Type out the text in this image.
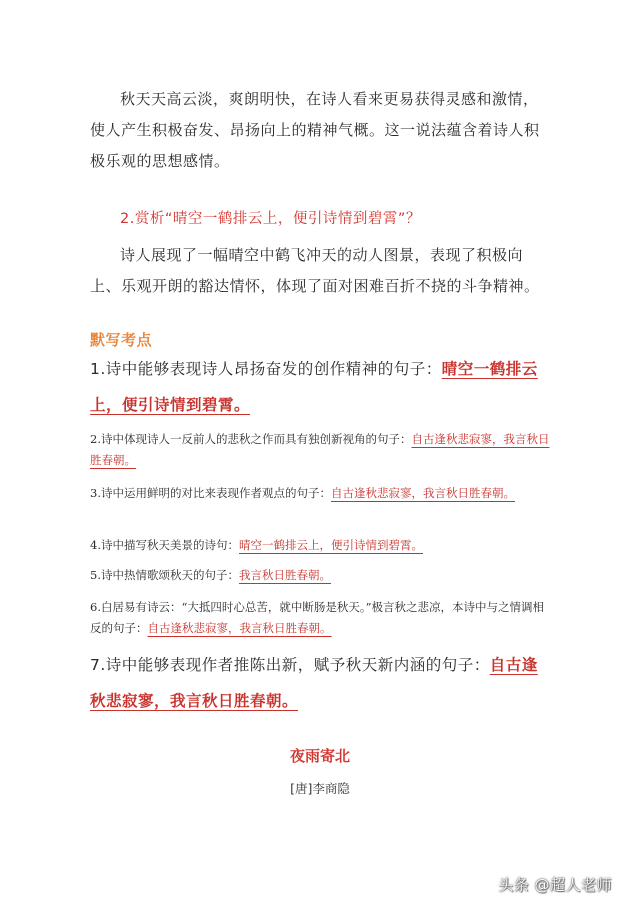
秋天天高云淡，爽朗明快，在诗人看来更易获得灵感和激情，使人产生积极奋发、昂扬向上的精神气概。这一说法蕴含着诗人积极乐观的思想感情。

2.赏析“晴空一鹤排云上，便引诗情到碧霄”？

诗人展现了一幅晴空中鹤飞冲天的动人图景，表现了积极向上、乐观开朗的豁达情怀，体现了面对困难百折不挠的斗争精神。

默写考点

1.诗中能够表现诗人昂扬奋发的创作精神的句子：晴空一鹤排云上，便引诗情到碧霄。

2.诗中体现诗人一反前人的悲秋之作而具有独创新视角的句子：自古逢秋悲寂寥，我言秋日胜春朝。

3.诗中运用鲜明的对比来表现作者观点的句子：自古逢秋悲寂寥，我言秋日胜春朝。

4.诗中描写秋天美景的诗句：晴空一鹤排云上，便引诗情到碧霄。

5.诗中热情歌颂秋天的句子：我言秋日胜春朝。

6.白居易有诗云：“大抵四时心总苦，就中断肠是秋天。”极言秋之悲凉，本诗中与之情调相反的句子：自古逢秋悲寂寥，我言秋日胜春朝。

7.诗中能够表现作者推陈出新，赋予秋天新内涵的句子：自古逢秋悲寂寥，我言秋日胜春朝。

夜雨寄北
[唐]李商隐
头条 @超人老师
